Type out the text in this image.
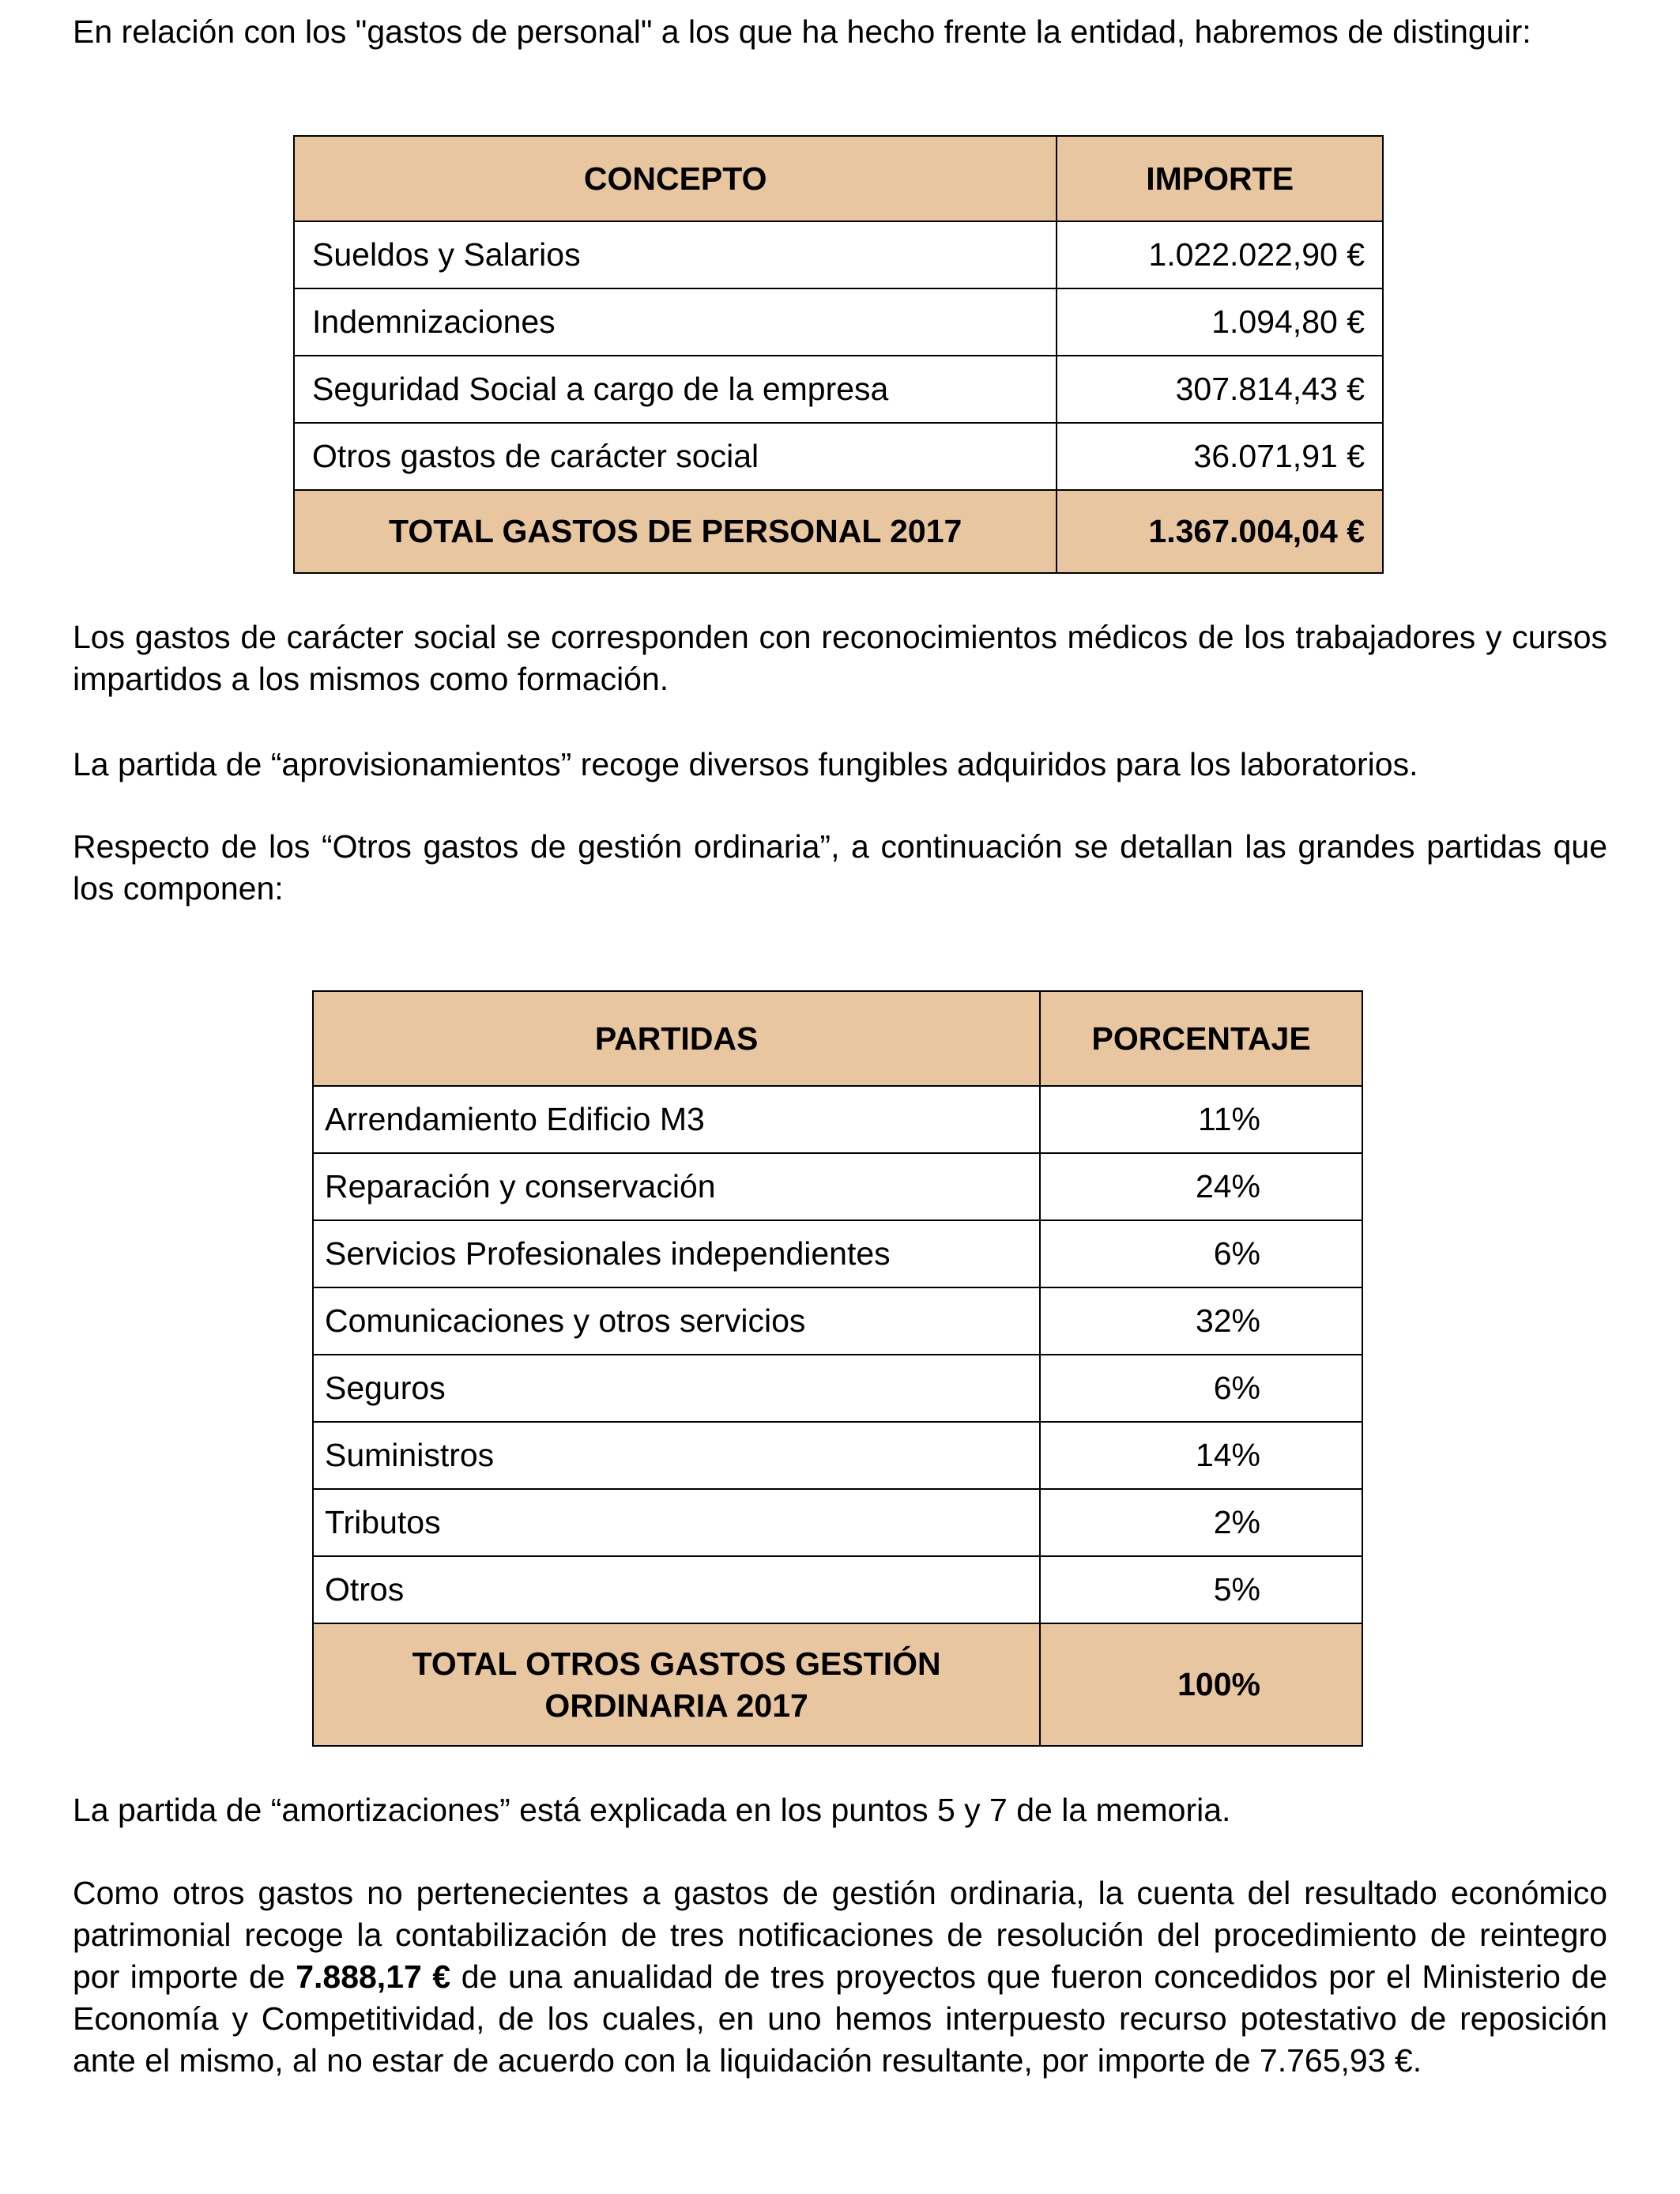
En relación con los "gastos de personal" a los que ha hecho frente la entidad, habremos de distinguir:

CONCEPTO	IMPORTE
Sueldos y Salarios	1.022.022,90 €
Indemnizaciones	1.094,80 €
Seguridad Social a cargo de la empresa	307.814,43 €
Otros gastos de carácter social	36.071,91 €
TOTAL GASTOS DE PERSONAL 2017	1.367.004,04 €

Los gastos de carácter social se corresponden con reconocimientos médicos de los trabajadores y cursos impartidos a los mismos como formación.

La partida de “aprovisionamientos” recoge diversos fungibles adquiridos para los laboratorios.

Respecto de los “Otros gastos de gestión ordinaria”, a continuación se detallan las grandes partidas que los componen:

PARTIDAS	PORCENTAJE
Arrendamiento Edificio M3	11%
Reparación y conservación	24%
Servicios Profesionales independientes	6%
Comunicaciones y otros servicios	32%
Seguros	6%
Suministros	14%
Tributos	2%
Otros	5%

TOTAL OTROS GASTOS GESTIÓN
ORDINARIA 2017	100%

La partida de “amortizaciones” está explicada en los puntos 5 y 7 de la memoria.

Como otros gastos no pertenecientes a gastos de gestión ordinaria, la cuenta del resultado económico patrimonial recoge la contabilización de tres notificaciones de resolución del procedimiento de reintegro por importe de 7.888,17 € de una anualidad de tres proyectos que fueron concedidos por el Ministerio de Economía y Competitividad, de los cuales, en uno hemos interpuesto recurso potestativo de reposición ante el mismo, al no estar de acuerdo con la liquidación resultante, por importe de 7.765,93 €.
